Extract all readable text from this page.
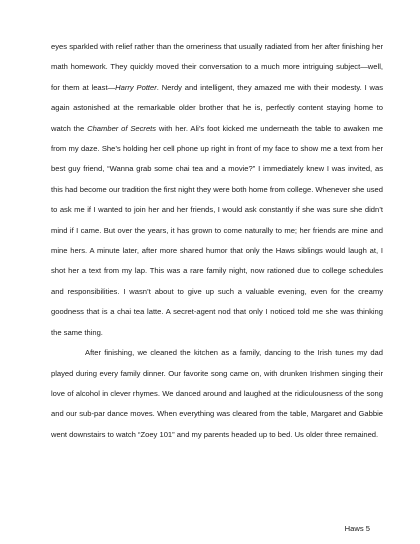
eyes sparkled with relief rather than the orneriness that usually radiated from her after finishing her math homework. They quickly moved their conversation to a much more intriguing subject—well, for them at least—Harry Potter. Nerdy and intelligent, they amazed me with their modesty. I was again astonished at the remarkable older brother that he is, perfectly content staying home to watch the Chamber of Secrets with her. Ali’s foot kicked me underneath the table to awaken me from my daze. She’s holding her cell phone up right in front of my face to show me a text from her best guy friend, “Wanna grab some chai tea and a movie?” I immediately knew I was invited, as this had become our tradition the first night they were both home from college. Whenever she used to ask me if I wanted to join her and her friends, I would ask constantly if she was sure she didn’t mind if I came. But over the years, it has grown to come naturally to me; her friends are mine and mine hers. A minute later, after more shared humor that only the Haws siblings would laugh at, I shot her a text from my lap. This was a rare family night, now rationed due to college schedules and responsibilities. I wasn’t about to give up such a valuable evening, even for the creamy goodness that is a chai tea latte. A secret-agent nod that only I noticed told me she was thinking the same thing.

After finishing, we cleaned the kitchen as a family, dancing to the Irish tunes my dad played during every family dinner. Our favorite song came on, with drunken Irishmen singing their love of alcohol in clever rhymes. We danced around and laughed at the ridiculousness of the song and our sub-par dance moves. When everything was cleared from the table, Margaret and Gabbie went downstairs to watch “Zoey 101” and my parents headed up to bed. Us older three remained.

Haws 5
